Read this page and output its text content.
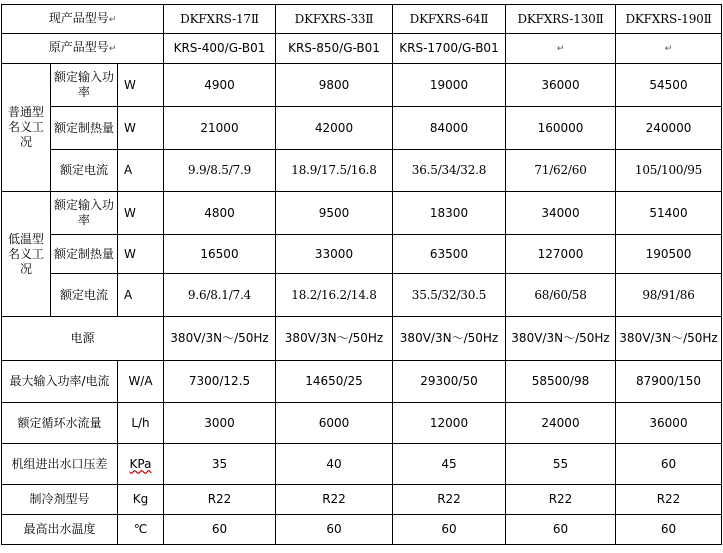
现产品型号↵			DKFXRS-17Ⅱ	DKFXRS-33Ⅱ	DKFXRS-64Ⅱ	DKFXRS-130Ⅱ	DKFXRS-190Ⅱ
原产品型号↵			KRS-400/G-B01	KRS-850/G-B01	KRS-1700/G-B01	↵	↵
普通型名义工况	额定输入功率	W	4900	9800	19000	36000	54500
	额定制热量	W	21000	42000	84000	160000	240000
	额定电流	A	9.9/8.5/7.9	18.9/17.5/16.8	36.5/34/32.8	71/62/60	105/100/95
低温型名义工况	额定输入功率	W	4800	9500	18300	34000	51400
	额定制热量	W	16500	33000	63500	127000	190500
	额定电流	A	9.6/8.1/7.4	18.2/16.2/14.8	35.5/32/30.5	68/60/58	98/91/86
电源			380V/3N～/50Hz	380V/3N～/50Hz	380V/3N～/50Hz	380V/3N～/50Hz	380V/3N～/50Hz
最大输入功率/电流		W/A	7300/12.5	14650/25	29300/50	58500/98	87900/150
额定循环水流量		L/h	3000	6000	12000	24000	36000
机组进出水口压差		KPa	35	40	45	55	60
制冷剂型号		Kg	R22	R22	R22	R22	R22
最高出水温度		℃	60	60	60	60	60
